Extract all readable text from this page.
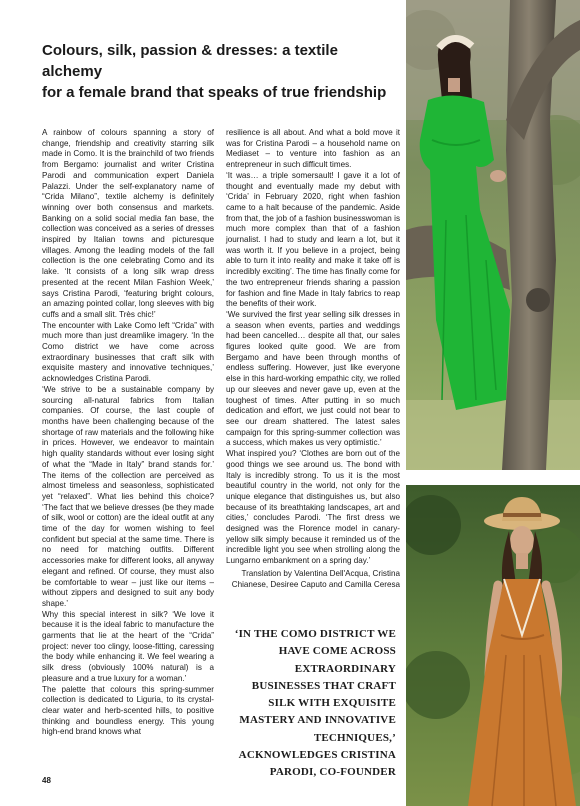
Colours, silk, passion & dresses: a textile alchemy
for a female brand that speaks of true friendship

A rainbow of colours spanning a story of change, friendship and creativity starring silk made in Como. It is the brainchild of two friends from Bergamo: journalist and writer Cristina Parodi and communication expert Daniela Palazzi. Under the self-explanatory name of “Crida Milano”, textile alchemy is definitely winning over both consensus and markets. Banking on a solid social media fan base, the collection was conceived as a series of dresses inspired by Italian towns and picturesque villages. Among the leading models of the fall collection is the one celebrating Como and its lake. ‘It consists of a long silk wrap dress presented at the recent Milan Fashion Week,’ says Cristina Parodi, ‘featuring bright colours, an amazing pointed collar, long sleeves with big cuffs and a small slit. Très chic!’

The encounter with Lake Como left “Crida” with much more than just dreamlike imagery. ‘In the Como district we have come across extraordinary businesses that craft silk with exquisite mastery and innovative techniques,’ acknowledges Cristina Parodi.

‘We strive to be a sustainable company by sourcing all-natural fabrics from Italian companies. Of course, the last couple of months have been challenging because of the shortage of raw materials and the following hike in prices. However, we endeavor to maintain high quality standards without ever losing sight of what the “Made in Italy” brand stands for.’ The items of the collection are perceived as almost timeless and seasonless, sophisticated yet “relaxed”. What lies behind this choice? ‘The fact that we believe dresses (be they made of silk, wool or cotton) are the ideal outfit at any time of the day for women wishing to feel confident but special at the same time. There is no need for matching outfits. Different accessories make for different looks, all anyway elegant and refined. Of course, they must also be comfortable to wear – just like our items – without zippers and designed to suit any body shape.’

Why this special interest in silk? ‘We love it because it is the ideal fabric to manufacture the garments that lie at the heart of the “Crida” project: never too clingy, loose-fitting, caressing the body while enhancing it. We feel wearing a silk dress (obviously 100% natural) is a pleasure and a true luxury for a woman.’

The palette that colours this spring-summer collection is dedicated to Liguria, to its crystal-clear water and herb-scented hills, to positive thinking and boundless energy. This young high-end brand knows what

resilience is all about. And what a bold move it was for Cristina Parodi – a household name on Mediaset – to venture into fashion as an entrepreneur in such difficult times.

‘It was… a triple somersault! I gave it a lot of thought and eventually made my debut with ‘Crida’ in February 2020, right when fashion came to a halt because of the pandemic. Aside from that, the job of a fashion businesswoman is much more complex than that of a fashion journalist. I had to study and learn a lot, but it was worth it. If you believe in a project, being able to turn it into reality and make it take off is incredibly exciting’. The time has finally come for the two entrepreneur friends sharing a passion for fashion and fine Made in Italy fabrics to reap the benefits of their work.

‘We survived the first year selling silk dresses in a season when events, parties and weddings had been cancelled… despite all that, our sales figures looked quite good. We are from Bergamo and have been through months of endless suffering. However, just like everyone else in this hard-working empathic city, we rolled up our sleeves and never gave up, even at the toughest of times. After putting in so much dedication and effort, we just could not bear to see our dream shattered. The latest sales campaign for this spring-summer collection was a success, which makes us very optimistic.’

What inspired you? ‘Clothes are born out of the good things we see around us. The bond with Italy is incredibly strong. To us it is the most beautiful country in the world, not only for the unique elegance that distinguishes us, but also because of its breathtaking landscapes, art and cities,’ concludes Parodi. ‘The first dress we designed was the Florence model in canary-yellow silk simply because it reminded us of the incredible light you see when strolling along the Lungarno embankment on a spring day.’

Translation by Valentina Dell'Acqua, Cristina Chianese, Desiree Caputo and Camilla Ceresa

‘IN THE COMO DISTRICT WE HAVE COME ACROSS EXTRAORDINARY BUSINESSES THAT CRAFT SILK WITH EXQUISITE MASTERY AND INNOVATIVE TECHNIQUES,’ ACKNOWLEDGES CRISTINA PARODI, CO-FOUNDER
48
